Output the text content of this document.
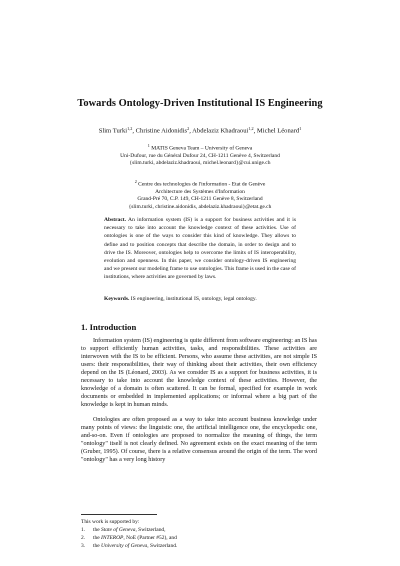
Towards Ontology-Driven Institutional IS Engineering
Slim Turki$^{1,2}$, Christine Aidonidis$^2$, Abdelaziz Khadraoui$^{1,2}$, Michel Léonard$^1$
$^1$ MATIS Geneva Team – University of Geneva
Uni-Dufour, rue du Général Dufour 24, CH-1211 Genève 4, Switzerland
{slim.turki, abdelaziz.khadraoui, michel.leonard}@cui.unige.ch
$^2$ Centre des technologies de l'information - Etat de Genève
Architecture des Systèmes d'Information
Grand-Pré 70, C.P. 149, CH-1211 Genève 8, Switzerland
{slim.turki, christine.aidonidis, abdelaziz.khadraoui}@etat.ge.ch
Abstract. An information system (IS) is a support for business activities and it is necessary to take into account the knowledge context of these activities. Use of ontologies is one of the ways to consider this kind of knowledge. They allows to define and to position concepts that describe the domain, in order to design and to drive the IS. Moreover, ontologies help to overcome the limits of IS interoperability, evolution and openness. In this paper, we consider ontology-driven IS engineering and we present our modeling frame to use ontologies. This frame is used in the case of institutions, where activities are governed by laws.
Keywords. IS engineering, institutional IS, ontology, legal ontology.
1. Introduction

Information system (IS) engineering is quite different from software engineering: an IS has to support efficiently human activities, tasks, and responsibilities. These activities are interwoven with the IS to be efficient. Persons, who assume these activities, are not simple IS users: their responsibilities, their way of thinking about their activities, their own efficiency depend on the IS (Léonard, 2003). As we consider IS as a support for business activities, it is necessary to take into account the knowledge context of these activities. However, the knowledge of a domain is often scattered. It can be formal, specified for example in work documents or embedded in implemented applications; or informal where a big part of the knowledge is kept in human minds.

Ontologies are often proposed as a way to take into account business knowledge under many points of views: the linguistic one, the artificial intelligence one, the encyclopedic one, and-so-on. Even if ontologies are proposed to normalize the meaning of things, the term "ontology" itself is not clearly defined. No agreement exists on the exact meaning of the term (Gruber, 1995). Of course, there is a relative consensus around the origin of the term. The word "ontology" has a very long history

This work is supported by:
1. the State of Geneva, Switzerland,
2. the INTEROP, NoE (Partner #52), and
3. the University of Geneva, Switzerland.
